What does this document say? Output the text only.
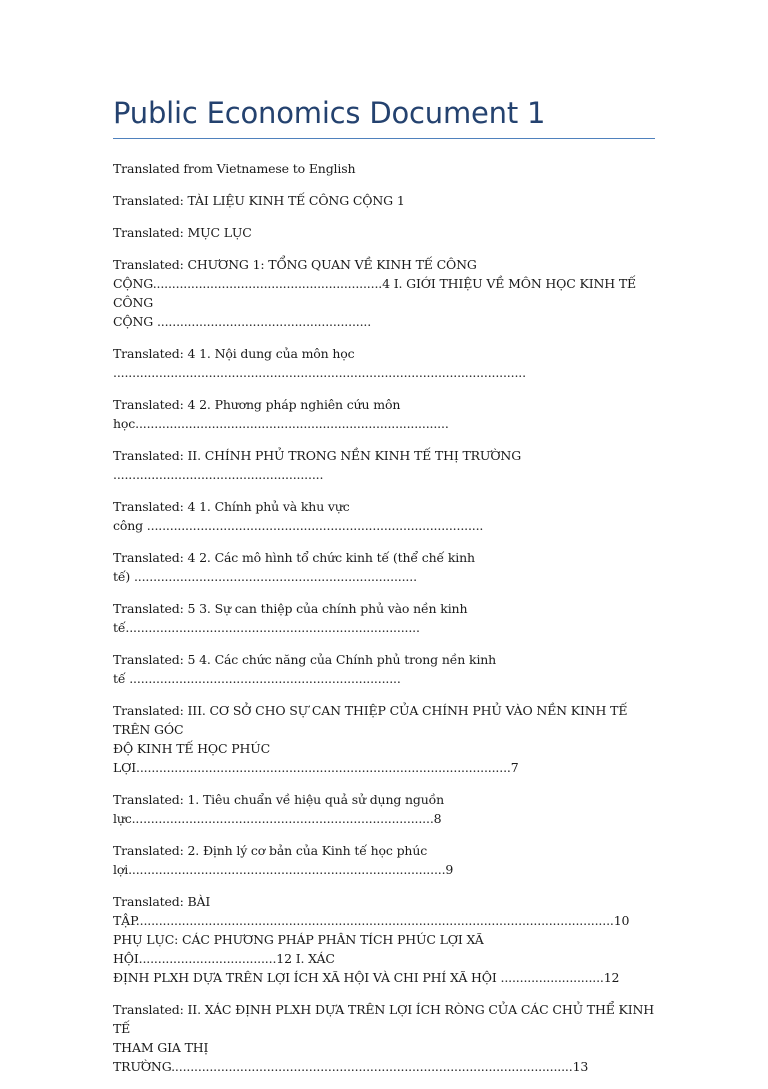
Public Economics Document 1

Translated from Vietnamese to English

Translated: TÀI LIỆU KINH TẾ CÔNG CỘNG 1

Translated: MỤC LỤC

Translated: CHƯƠNG 1: TỔNG QUAN VỀ KINH TẾ CÔNG
CỘNG............................................................4 I. GIỚI THIỆU VỀ MÔN HỌC KINH TẾ CÔNG
CỘNG ........................................................

Translated: 4 1. Nội dung của môn học ............................................................................................................

Translated: 4 2. Phương pháp nghiên cứu môn
học..................................................................................

Translated: II. CHÍNH PHỦ TRONG NỀN KINH TẾ THỊ TRƯỜNG .......................................................

Translated: 4 1. Chính phủ và khu vực
công ........................................................................................

Translated: 4 2. Các mô hình tổ chức kinh tế (thể chế kinh
tế) ..........................................................................

Translated: 5 3. Sự can thiệp của chính phủ vào nền kinh
tế.............................................................................

Translated: 5 4. Các chức năng của Chính phủ trong nền kinh
tế .......................................................................

Translated: III. CƠ SỞ CHO SỰ CAN THIỆP CỦA CHÍNH PHỦ VÀO NỀN KINH TẾ TRÊN GÓC
ĐỘ KINH TẾ HỌC PHÚC LỢI..................................................................................................7

Translated: 1. Tiêu chuẩn về hiệu quả sử dụng nguồn
lực...............................................................................8

Translated: 2. Định lý cơ bản của Kinh tế học phúc
lợi...................................................................................9

Translated: BÀI TẬP.............................................................................................................................10
PHỤ LỤC: CÁC PHƯƠNG PHÁP PHÂN TÍCH PHÚC LỢI XÃ HỘI....................................12 I. XÁC
ĐỊNH PLXH DỰA TRÊN LỢI ÍCH XÃ HỘI VÀ CHI PHÍ XÃ HỘI ...........................12

Translated: II. XÁC ĐỊNH PLXH DỰA TRÊN LỢI ÍCH RÒNG CỦA CÁC CHỦ THỂ KINH TẾ
THAM GIA THỊ TRƯỜNG.........................................................................................................13
